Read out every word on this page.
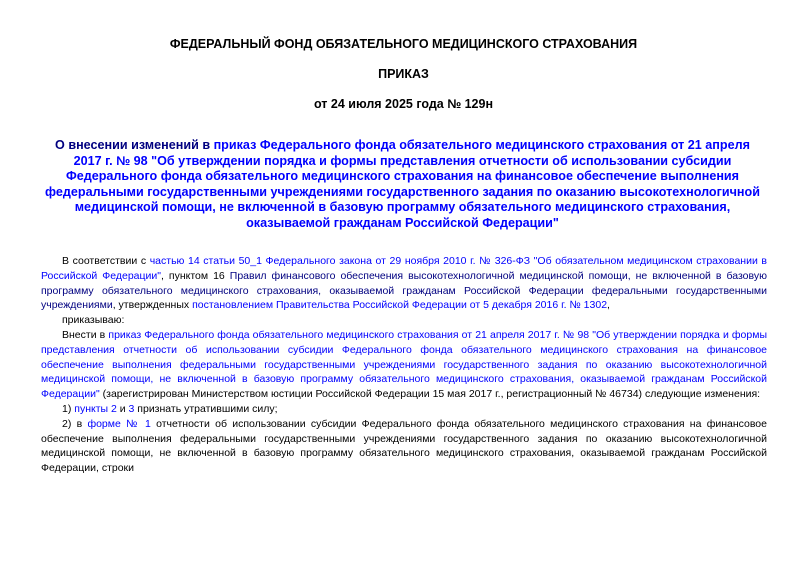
ФЕДЕРАЛЬНЫЙ ФОНД ОБЯЗАТЕЛЬНОГО МЕДИЦИНСКОГО СТРАХОВАНИЯ
ПРИКАЗ
от 24 июля 2025 года № 129н
О внесении изменений в приказ Федерального фонда обязательного медицинского страхования от 21 апреля 2017 г. № 98 "Об утверждении порядка и формы представления отчетности об использовании субсидии Федерального фонда обязательного медицинского страхования на финансовое обеспечение выполнения федеральными государственными учреждениями государственного задания по оказанию высокотехнологичной медицинской помощи, не включенной в базовую программу обязательного медицинского страхования, оказываемой гражданам Российской Федерации"

В соответствии с частью 14 статьи 50_1 Федерального закона от 29 ноября 2010 г. № 326-ФЗ "Об обязательном медицинском страховании в Российской Федерации", пунктом 16 Правил финансового обеспечения высокотехнологичной медицинской помощи, не включенной в базовую программу обязательного медицинского страхования, оказываемой гражданам Российской Федерации федеральными государственными учреждениями, утвержденных постановлением Правительства Российской Федерации от 5 декабря 2016 г. № 1302,

приказываю:

Внести в приказ Федерального фонда обязательного медицинского страхования от 21 апреля 2017 г. № 98 "Об утверждении порядка и формы представления отчетности об использовании субсидии Федерального фонда обязательного медицинского страхования на финансовое обеспечение выполнения федеральными государственными учреждениями государственного задания по оказанию высокотехнологичной медицинской помощи, не включенной в базовую программу обязательного медицинского страхования, оказываемой гражданам Российской Федерации" (зарегистрирован Министерством юстиции Российской Федерации 15 мая 2017 г., регистрационный № 46734) следующие изменения:

1) пункты 2 и 3 признать утратившими силу;

2) в форме № 1 отчетности об использовании субсидии Федерального фонда обязательного медицинского страхования на финансовое обеспечение выполнения федеральными государственными учреждениями государственного задания по оказанию высокотехнологичной медицинской помощи, не включенной в базовую программу обязательного медицинского страхования, оказываемой гражданам Российской Федерации, строки
